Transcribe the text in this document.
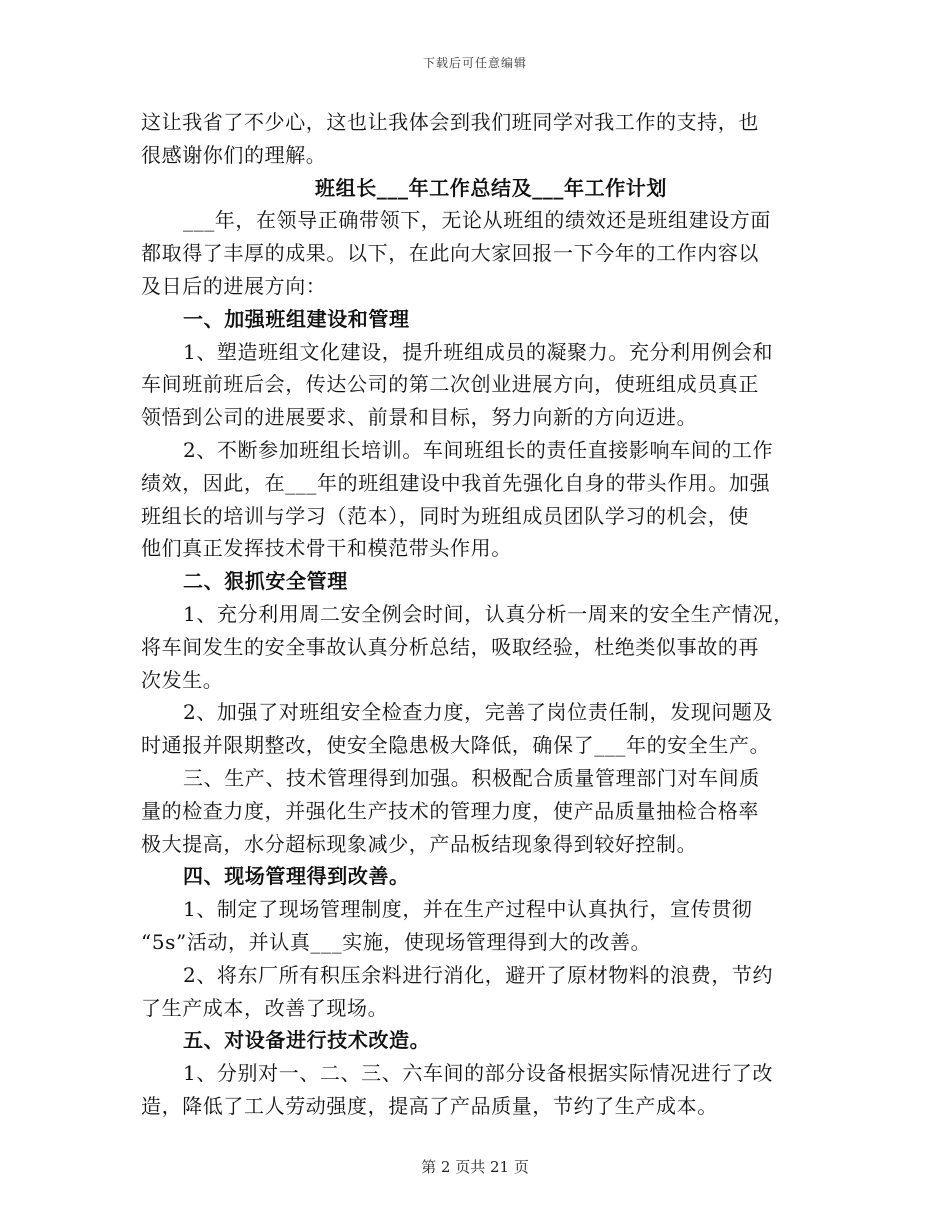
下载后可任意编辑
这让我省了不少心，这也让我体会到我们班同学对我工作的支持，也
很感谢你们的理解。
班组长___年工作总结及___年工作计划
___年，在领导正确带领下，无论从班组的绩效还是班组建设方面
都取得了丰厚的成果。以下，在此向大家回报一下今年的工作内容以
及日后的进展方向：
一、加强班组建设和管理
1、塑造班组文化建设，提升班组成员的凝聚力。充分利用例会和
车间班前班后会，传达公司的第二次创业进展方向，使班组成员真正
领悟到公司的进展要求、前景和目标，努力向新的方向迈进。
2、不断参加班组长培训。车间班组长的责任直接影响车间的工作
绩效，因此，在___年的班组建设中我首先强化自身的带头作用。加强
班组长的培训与学习（范本），同时为班组成员团队学习的机会，使
他们真正发挥技术骨干和模范带头作用。
二、狠抓安全管理
1、充分利用周二安全例会时间，认真分析一周来的安全生产情况，
将车间发生的安全事故认真分析总结，吸取经验，杜绝类似事故的再
次发生。
2、加强了对班组安全检查力度，完善了岗位责任制，发现问题及
时通报并限期整改，使安全隐患极大降低，确保了___年的安全生产。
三、生产、技术管理得到加强。积极配合质量管理部门对车间质
量的检查力度，并强化生产技术的管理力度，使产品质量抽检合格率
极大提高，水分超标现象减少，产品板结现象得到较好控制。
四、现场管理得到改善。
1、制定了现场管理制度，并在生产过程中认真执行，宣传贯彻
“5s”活动，并认真___实施，使现场管理得到大的改善。
2、将东厂所有积压余料进行消化，避开了原材物料的浪费，节约
了生产成本，改善了现场。
五、对设备进行技术改造。
1、分别对一、二、三、六车间的部分设备根据实际情况进行了改
造，降低了工人劳动强度，提高了产品质量，节约了生产成本。
第 2 页共 21 页
